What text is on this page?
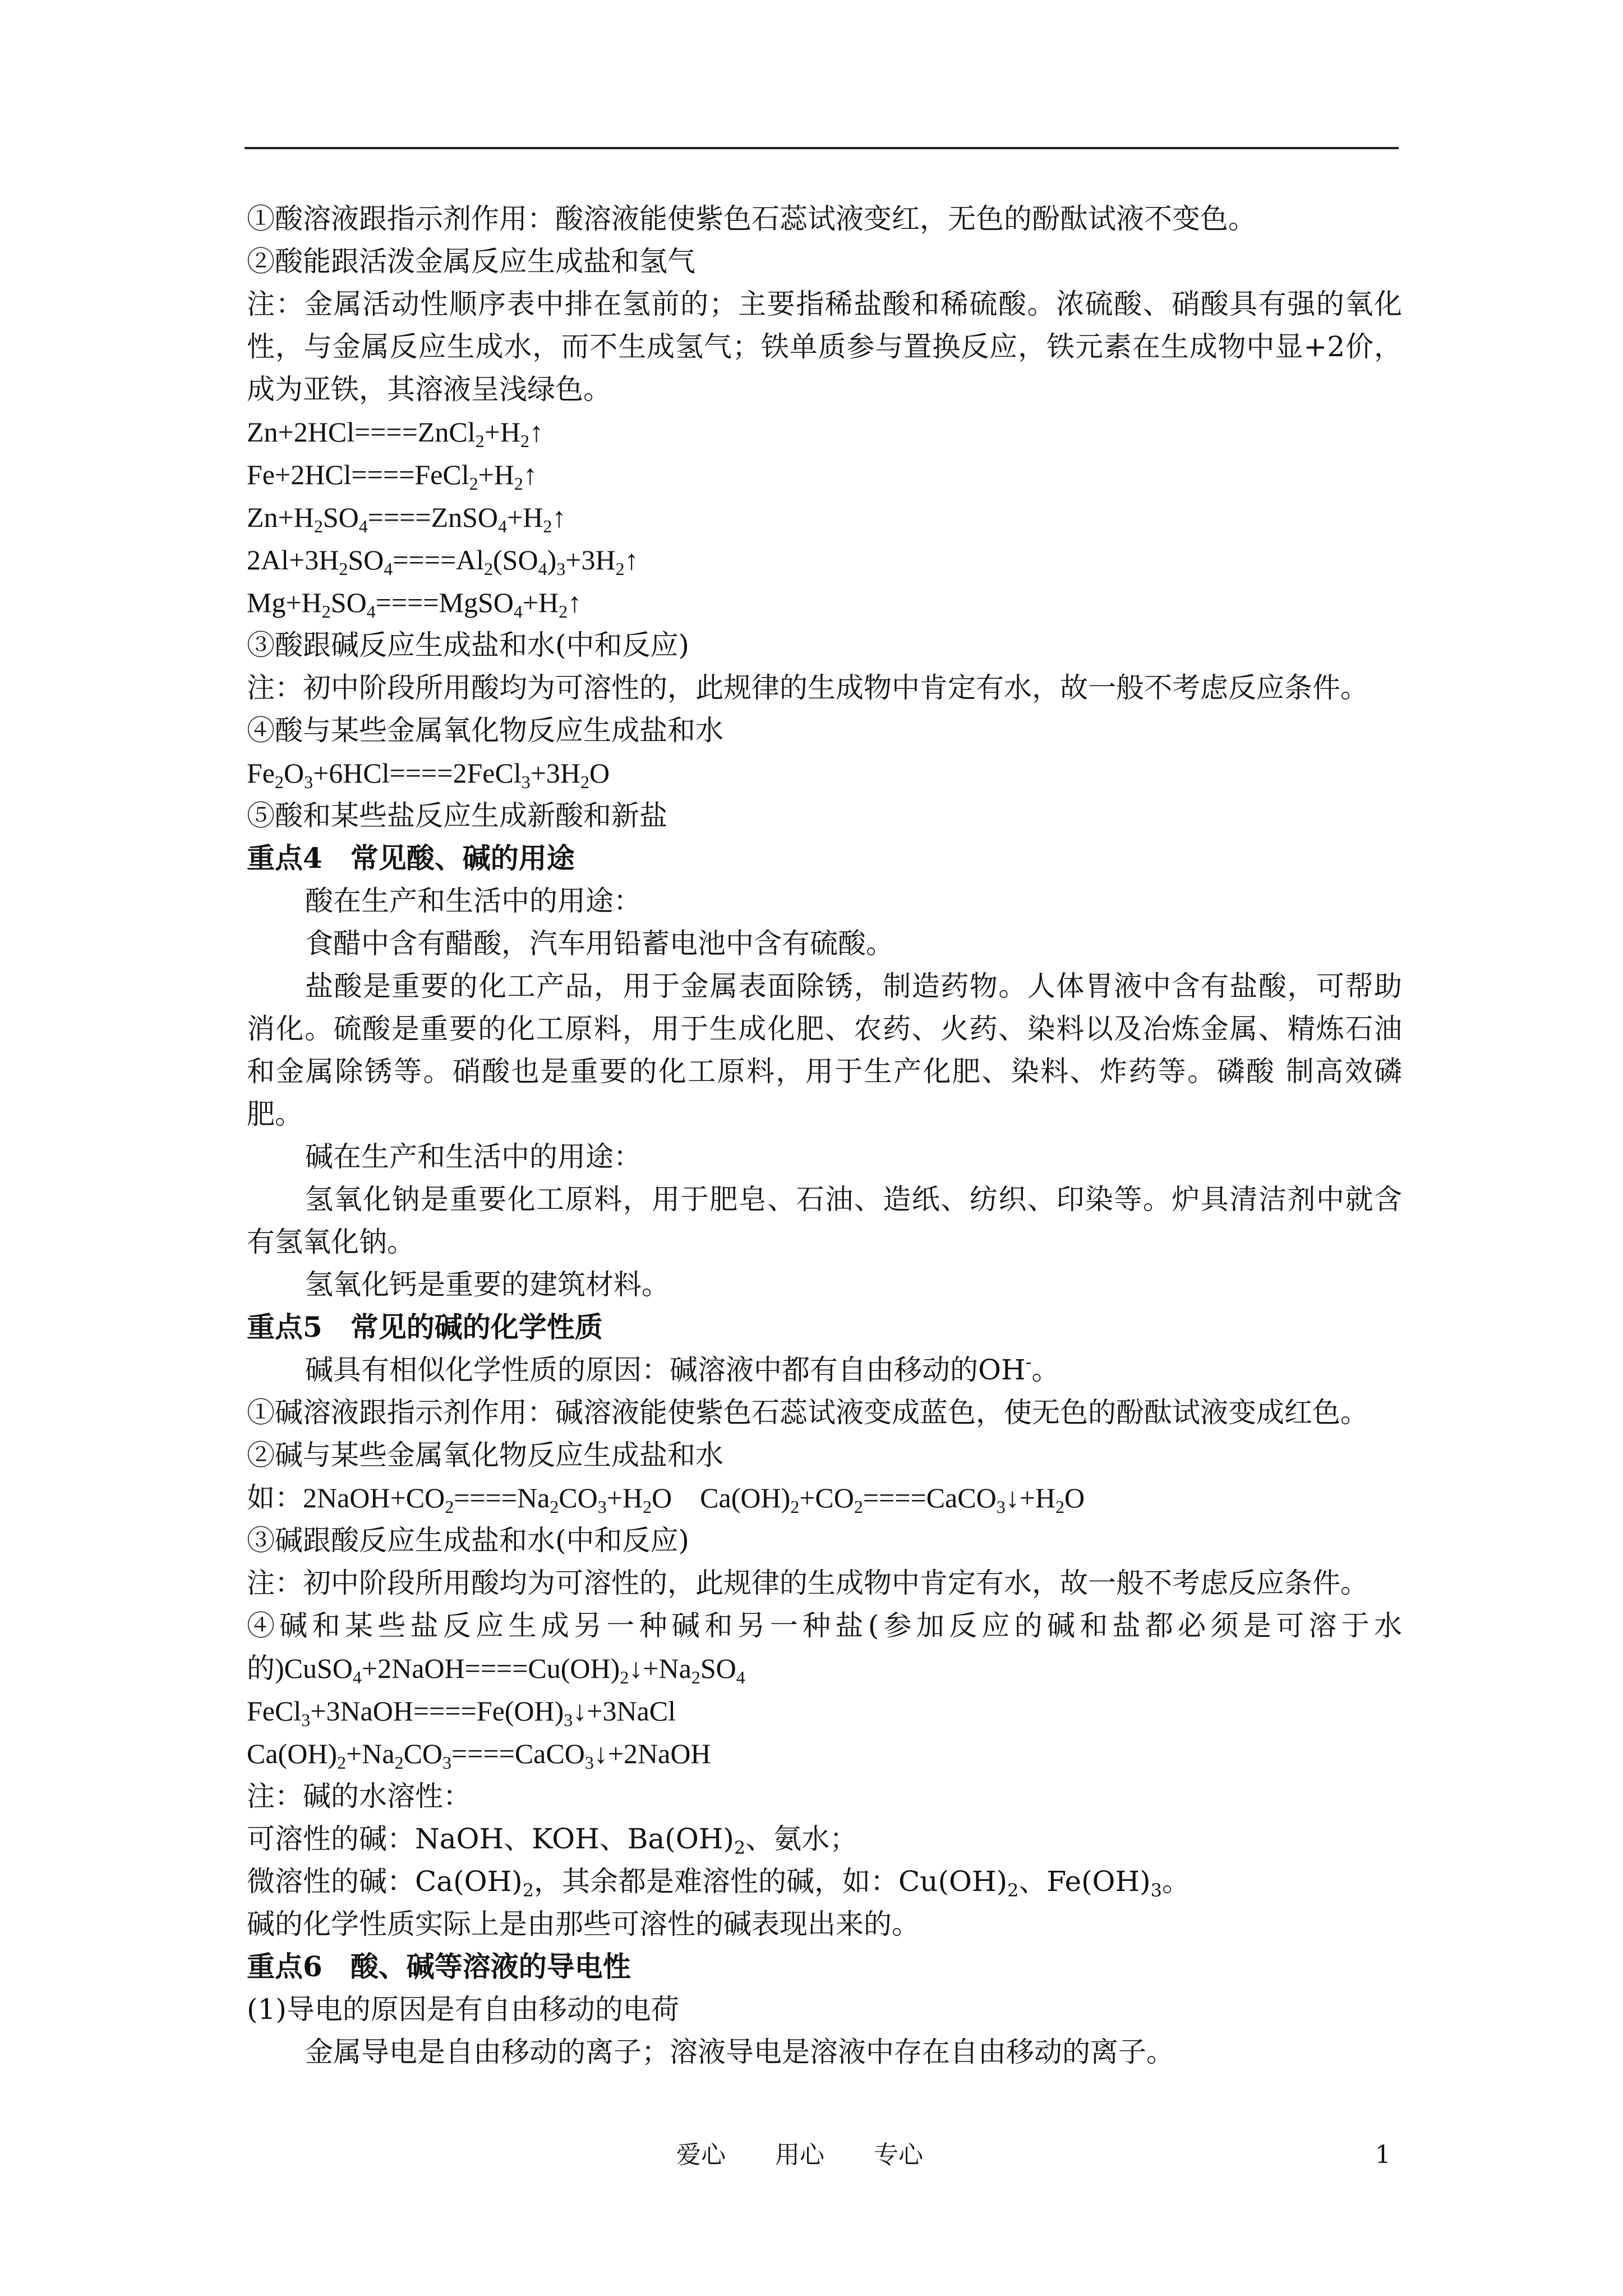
①酸溶液跟指示剂作用：酸溶液能使紫色石蕊试液变红，无色的酚酞试液不变色。

②酸能跟活泼金属反应生成盐和氢气

注：金属活动性顺序表中排在氢前的；主要指稀盐酸和稀硫酸。浓硫酸、硝酸具有强的氧化

性，与金属反应生成水，而不生成氢气；铁单质参与置换反应，铁元素在生成物中显+2价，

成为亚铁，其溶液呈浅绿色。

$Zn+2HCl====ZnCl_2+H_2↑$

$Fe+2HCl====FeCl_2+H_2↑$

$Zn+H_2SO_4====ZnSO_4+H_2↑$

$2Al+3H_2SO_4====Al_2(SO_4)_3+3H_2↑$

$Mg+H_2SO_4====MgSO_4+H_2↑$

③酸跟碱反应生成盐和水(中和反应)

注：初中阶段所用酸均为可溶性的，此规律的生成物中肯定有水，故一般不考虑反应条件。

④酸与某些金属氧化物反应生成盐和水

$Fe_2O_3+6HCl====2FeCl_3+3H_2O$

⑤酸和某些盐反应生成新酸和新盐

重点4　常见酸、碱的用途

酸在生产和生活中的用途：

食醋中含有醋酸，汽车用铅蓄电池中含有硫酸。

盐酸是重要的化工产品，用于金属表面除锈，制造药物。人体胃液中含有盐酸，可帮助

消化。硫酸是重要的化工原料，用于生成化肥、农药、火药、染料以及冶炼金属、精炼石油

和金属除锈等。硝酸也是重要的化工原料，用于生产化肥、染料、炸药等。磷酸 制高效磷

肥。

碱在生产和生活中的用途：

氢氧化钠是重要化工原料，用于肥皂、石油、造纸、纺织、印染等。炉具清洁剂中就含

有氢氧化钠。

氢氧化钙是重要的建筑材料。

重点5　常见的碱的化学性质

碱具有相似化学性质的原因：碱溶液中都有自由移动的OH-。

①碱溶液跟指示剂作用：碱溶液能使紫色石蕊试液变成蓝色，使无色的酚酞试液变成红色。

②碱与某些金属氧化物反应生成盐和水

如：$2NaOH+CO_2====Na_2CO_3+H_2O$　$Ca(OH)_2+CO_2====CaCO_3↓+H_2O$

③碱跟酸反应生成盐和水(中和反应)

注：初中阶段所用酸均为可溶性的，此规律的生成物中肯定有水，故一般不考虑反应条件。

④碱和某些盐反应生成另一种碱和另一种盐(参加反应的碱和盐都必须是可溶于水

的)$CuSO_4+2NaOH====Cu(OH)_2↓+Na_2SO_4$

$FeCl_3+3NaOH====Fe(OH)_3↓+3NaCl$

$Ca(OH)_2+Na_2CO_3====CaCO_3↓+2NaOH$

注：碱的水溶性：

可溶性的碱：NaOH、KOH、$Ba(OH)_2$、氨水；

微溶性的碱：$Ca(OH)_2$，其余都是难溶性的碱，如：$Cu(OH)_2$、$Fe(OH)_3$。

碱的化学性质实际上是由那些可溶性的碱表现出来的。

重点6　酸、碱等溶液的导电性

(1)导电的原因是有自由移动的电荷

金属导电是自由移动的离子；溶液导电是溶液中存在自由移动的离子。

爱心　　用心　　专心	1
